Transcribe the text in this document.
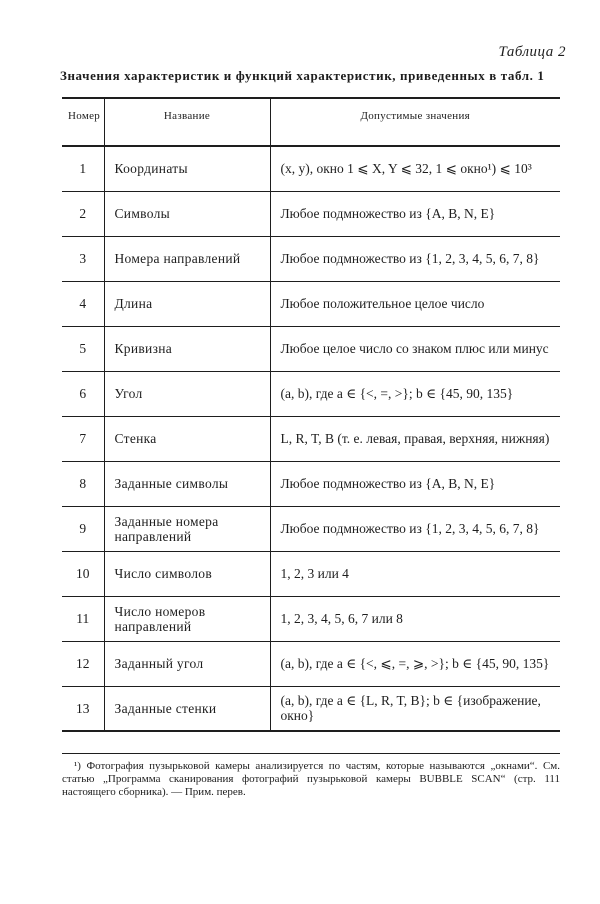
Таблица 2
Значения характеристик и функций характеристик, приведенных в табл. 1
Номер	Название	Допустимые значения
1	Координаты	(x, y), окно 1 ⩽ X, Y ⩽ 32, 1 ⩽ окно¹) ⩽ 10³
2	Символы	Любое подмножество из {A, B, N, E}
3	Номера направлений	Любое подмножество из {1, 2, 3, 4, 5, 6, 7, 8}
4	Длина	Любое положительное целое число
5	Кривизна	Любое целое число со знаком плюс или минус
6	Угол	(a, b), где a ∈ {<, =, >}; b ∈ {45, 90, 135}
7	Стенка	L, R, T, B (т. е. левая, правая, верхняя, нижняя)
8	Заданные символы	Любое подмножество из {A, B, N, E}
9	Заданные номера направлений	Любое подмножество из {1, 2, 3, 4, 5, 6, 7, 8}
10	Число символов	1, 2, 3 или 4
11	Число номеров направлений	1, 2, 3, 4, 5, 6, 7 или 8
12	Заданный угол	(a, b), где a ∈ {<, ⩽, =, ⩾, >}; b ∈ {45, 90, 135}
13	Заданные стенки	(a, b), где a ∈ {L, R, T, B}; b ∈ {изображение, окно}
¹) Фотография пузырьковой камеры анализируется по частям, которые называются „окнами“. См. статью „Программа сканирования фотографий пузырьковой камеры BUBBLE SCAN“ (стр. 111 настоящего сборника). — Прим. перев.
